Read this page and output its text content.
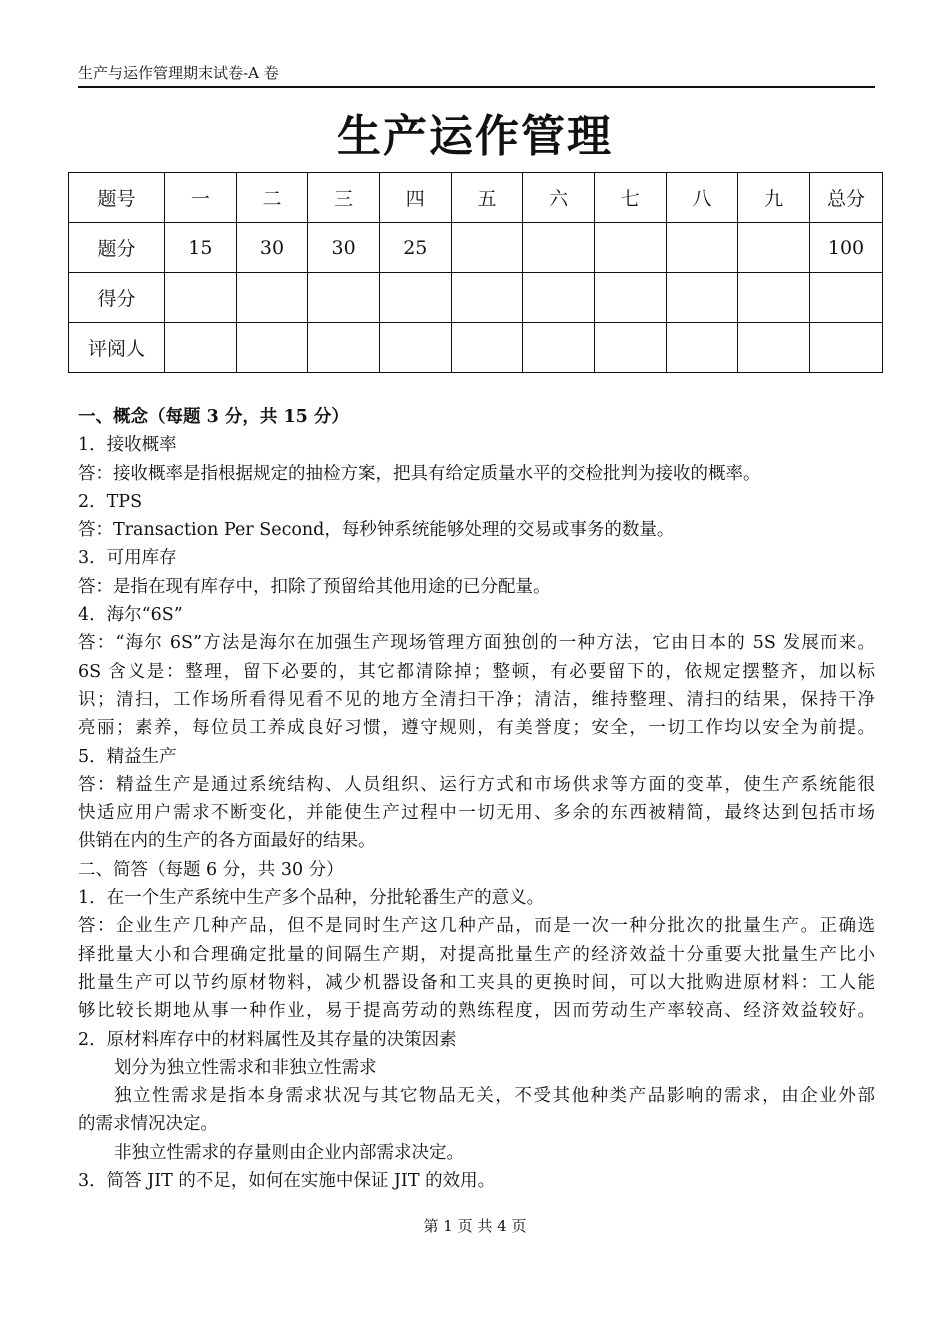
生产与运作管理期末试卷-A 卷
生产运作管理
题号	一	二	三	四	五	六	七	八	九	总分
题分	15	30	30	25						100
得分										
评阅人										
一、概念（每题 3 分，共 15 分）
1．接收概率
答：接收概率是指根据规定的抽检方案，把具有给定质量水平的交检批判为接收的概率。
2．TPS
答：Transaction Per Second，每秒钟系统能够处理的交易或事务的数量。
3．可用库存
答：是指在现有库存中，扣除了预留给其他用途的已分配量。
4．海尔“6S”
答：“海尔 6S”方法是海尔在加强生产现场管理方面独创的一种方法，它由日本的 5S 发展而来。
6S 含义是：整理，留下必要的，其它都清除掉；整顿，有必要留下的，依规定摆整齐，加以标
识；清扫，工作场所看得见看不见的地方全清扫干净；清洁，维持整理、清扫的结果，保持干净
亮丽；素养，每位员工养成良好习惯，遵守规则，有美誉度；安全，一切工作均以安全为前提。
5．精益生产
答：精益生产是通过系统结构、人员组织、运行方式和市场供求等方面的变革，使生产系统能很
快适应用户需求不断变化，并能使生产过程中一切无用、多余的东西被精简，最终达到包括市场
供销在内的生产的各方面最好的结果。
二、简答（每题 6 分，共 30 分）
1．在一个生产系统中生产多个品种，分批轮番生产的意义。
答：企业生产几种产品，但不是同时生产这几种产品，而是一次一种分批次的批量生产。正确选
择批量大小和合理确定批量的间隔生产期，对提高批量生产的经济效益十分重要大批量生产比小
批量生产可以节约原材物料，减少机器设备和工夹具的更换时间，可以大批购进原材料：工人能
够比较长期地从事一种作业，易于提高劳动的熟练程度，因而劳动生产率较高、经济效益较好。
2．原材料库存中的材料属性及其存量的决策因素
划分为独立性需求和非独立性需求
独立性需求是指本身需求状况与其它物品无关，不受其他种类产品影响的需求，由企业外部
的需求情况决定。
非独立性需求的存量则由企业内部需求决定。
3．简答 JIT 的不足，如何在实施中保证 JIT 的效用。
第 1 页 共 4 页
